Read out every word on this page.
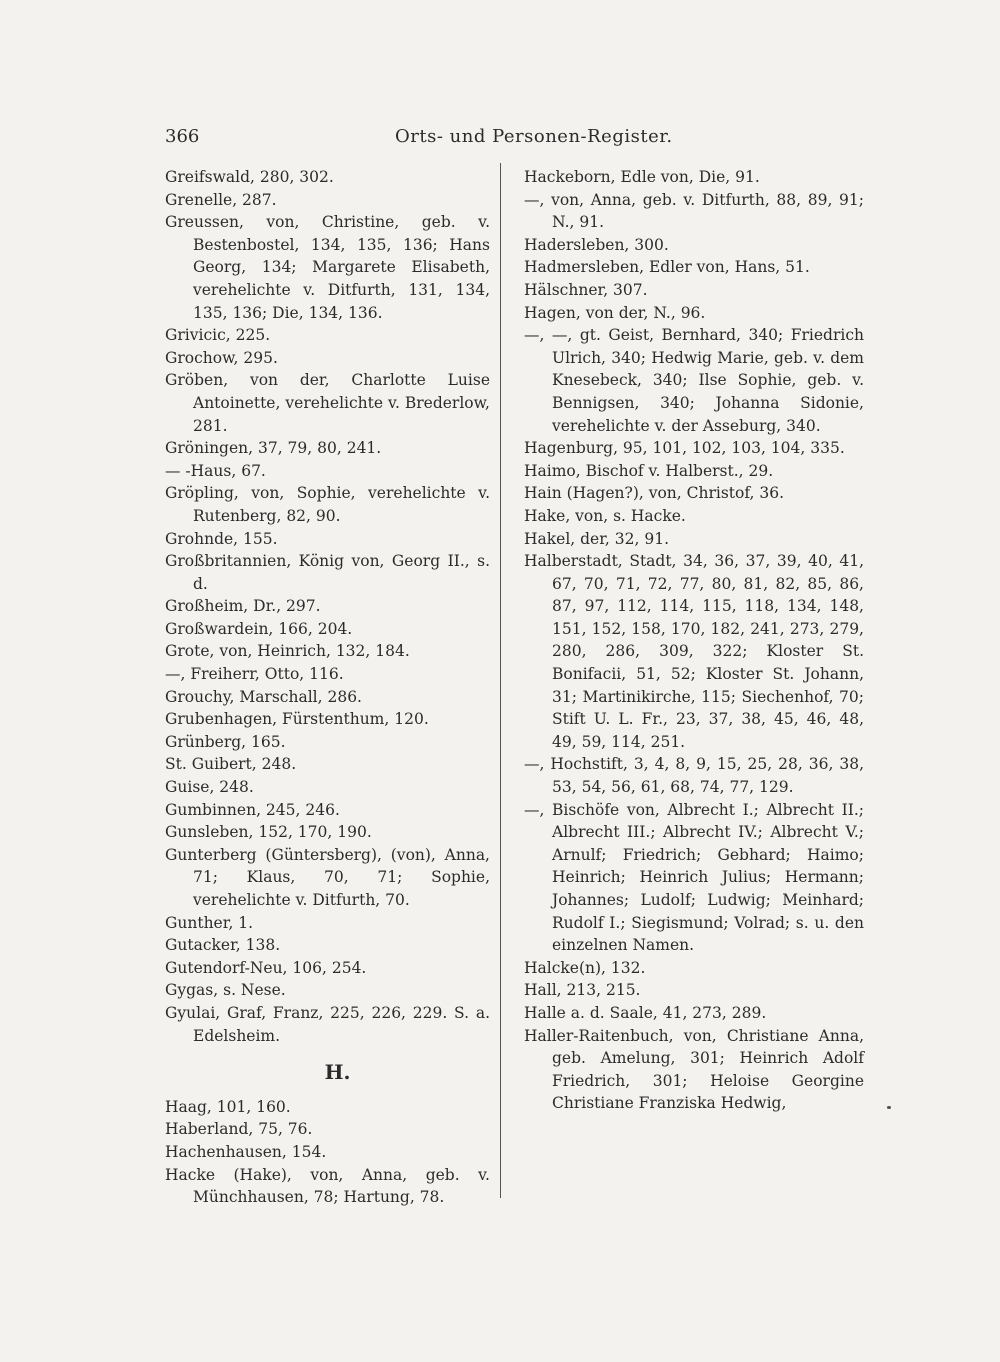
366	Orts- und Personen-Register.
Greifswald, 280, 302.
Grenelle, 287.
Greussen, von, Christine, geb. v. Bestenbostel, 134, 135, 136; Hans Georg, 134; Margarete Elisabeth, verehelichte v. Ditfurth, 131, 134, 135, 136; Die, 134, 136.
Grivicic, 225.
Grochow, 295.
Gröben, von der, Charlotte Luise Antoinette, verehelichte v. Brederlow, 281.
Gröningen, 37, 79, 80, 241.
— -Haus, 67.
Gröpling, von, Sophie, verehelichte v. Rutenberg, 82, 90.
Grohnde, 155.
Großbritannien, König von, Georg II., s. d.
Großheim, Dr., 297.
Großwardein, 166, 204.
Grote, von, Heinrich, 132, 184.
—, Freiherr, Otto, 116.
Grouchy, Marschall, 286.
Grubenhagen, Fürstenthum, 120.
Grünberg, 165.
St. Guibert, 248.
Guise, 248.
Gumbinnen, 245, 246.
Gunsleben, 152, 170, 190.
Gunterberg (Güntersberg), (von), Anna, 71; Klaus, 70, 71; Sophie, verehelichte v. Ditfurth, 70.
Gunther, 1.
Gutacker, 138.
Gutendorf-Neu, 106, 254.
Gygas, s. Nese.
Gyulai, Graf, Franz, 225, 226, 229. S. a. Edelsheim.
H.
Haag, 101, 160.
Haberland, 75, 76.
Hachenhausen, 154.
Hacke (Hake), von, Anna, geb. v. Münchhausen, 78; Hartung, 78.
Hackeborn, Edle von, Die, 91.
—, von, Anna, geb. v. Ditfurth, 88, 89, 91; N., 91.
Hadersleben, 300.
Hadmersleben, Edler von, Hans, 51.
Hälschner, 307.
Hagen, von der, N., 96.
—, —, gt. Geist, Bernhard, 340; Friedrich Ulrich, 340; Hedwig Marie, geb. v. dem Knesebeck, 340; Ilse Sophie, geb. v. Bennigsen, 340; Johanna Sidonie, verehelichte v. der Asseburg, 340.
Hagenburg, 95, 101, 102, 103, 104, 335.
Haimo, Bischof v. Halberst., 29.
Hain (Hagen?), von, Christof, 36.
Hake, von, s. Hacke.
Hakel, der, 32, 91.
Halberstadt, Stadt, 34, 36, 37, 39, 40, 41, 67, 70, 71, 72, 77, 80, 81, 82, 85, 86, 87, 97, 112, 114, 115, 118, 134, 148, 151, 152, 158, 170, 182, 241, 273, 279, 280, 286, 309, 322; Kloster St. Bonifacii, 51, 52; Kloster St. Johann, 31; Martinikirche, 115; Siechenhof, 70; Stift U. L. Fr., 23, 37, 38, 45, 46, 48, 49, 59, 114, 251.
—, Hochstift, 3, 4, 8, 9, 15, 25, 28, 36, 38, 53, 54, 56, 61, 68, 74, 77, 129.
—, Bischöfe von, Albrecht I.; Albrecht II.; Albrecht III.; Albrecht IV.; Albrecht V.; Arnulf; Friedrich; Gebhard; Haimo; Heinrich; Heinrich Julius; Hermann; Johannes; Ludolf; Ludwig; Meinhard; Rudolf I.; Siegismund; Volrad; s. u. den einzelnen Namen.
Halcke(n), 132.
Hall, 213, 215.
Halle a. d. Saale, 41, 273, 289.
Haller-Raitenbuch, von, Christiane Anna, geb. Amelung, 301; Heinrich Adolf Friedrich, 301; Heloise Georgine Christiane Franziska Hedwig,
